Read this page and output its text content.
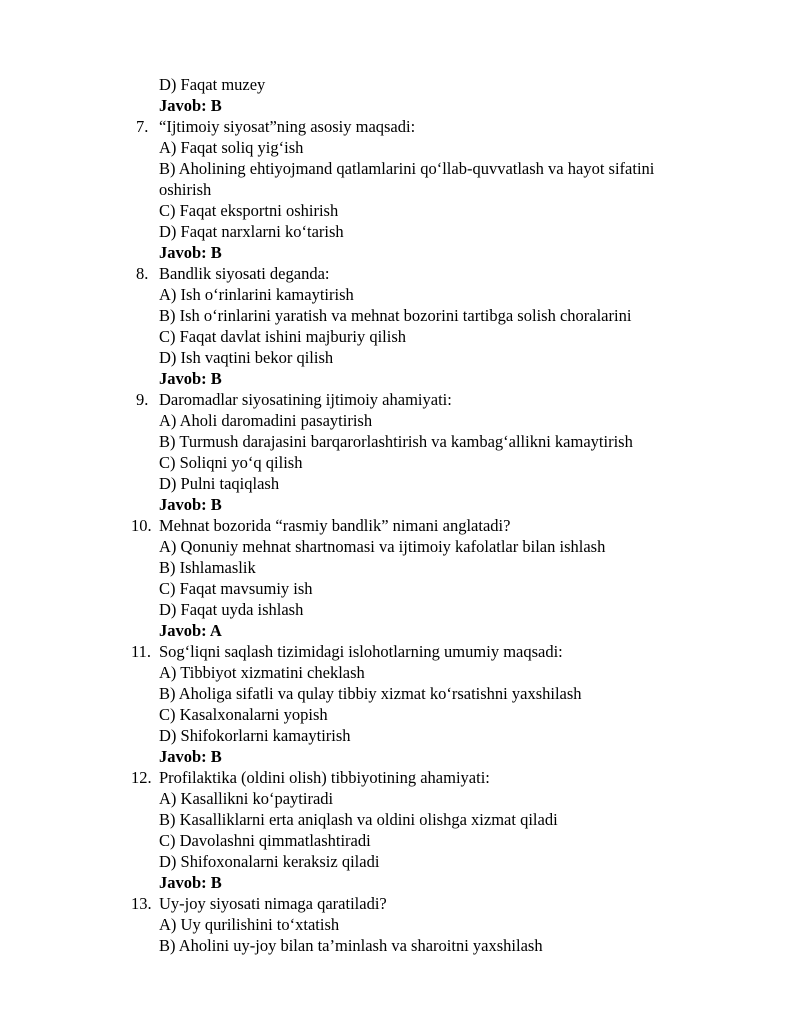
D) Faqat muzey
Javob: B
7. “Ijtimoiy siyosat”ning asosiy maqsadi:
A) Faqat soliq yig‘ish
B) Aholining ehtiyojmand qatlamlarini qo‘llab-quvvatlash va hayot sifatini
oshirish
C) Faqat eksportni oshirish
D) Faqat narxlarni ko‘tarish
Javob: B
8. Bandlik siyosati deganda:
A) Ish o‘rinlarini kamaytirish
B) Ish o‘rinlarini yaratish va mehnat bozorini tartibga solish choralarini
C) Faqat davlat ishini majburiy qilish
D) Ish vaqtini bekor qilish
Javob: B
9. Daromadlar siyosatining ijtimoiy ahamiyati:
A) Aholi daromadini pasaytirish
B) Turmush darajasini barqarorlashtirish va kambag‘allikni kamaytirish
C) Soliqni yo‘q qilish
D) Pulni taqiqlash
Javob: B
10. Mehnat bozorida “rasmiy bandlik” nimani anglatadi?
A) Qonuniy mehnat shartnomasi va ijtimoiy kafolatlar bilan ishlash
B) Ishlamaslik
C) Faqat mavsumiy ish
D) Faqat uyda ishlash
Javob: A
11. Sog‘liqni saqlash tizimidagi islohotlarning umumiy maqsadi:
A) Tibbiyot xizmatini cheklash
B) Aholiga sifatli va qulay tibbiy xizmat ko‘rsatishni yaxshilash
C) Kasalxonalarni yopish
D) Shifokorlarni kamaytirish
Javob: B
12. Profilaktika (oldini olish) tibbiyotining ahamiyati:
A) Kasallikni ko‘paytiradi
B) Kasalliklarni erta aniqlash va oldini olishga xizmat qiladi
C) Davolashni qimmatlashtiradi
D) Shifoxonalarni keraksiz qiladi
Javob: B
13. Uy-joy siyosati nimaga qaratiladi?
A) Uy qurilishini to‘xtatish
B) Aholini uy-joy bilan ta’minlash va sharoitni yaxshilash
